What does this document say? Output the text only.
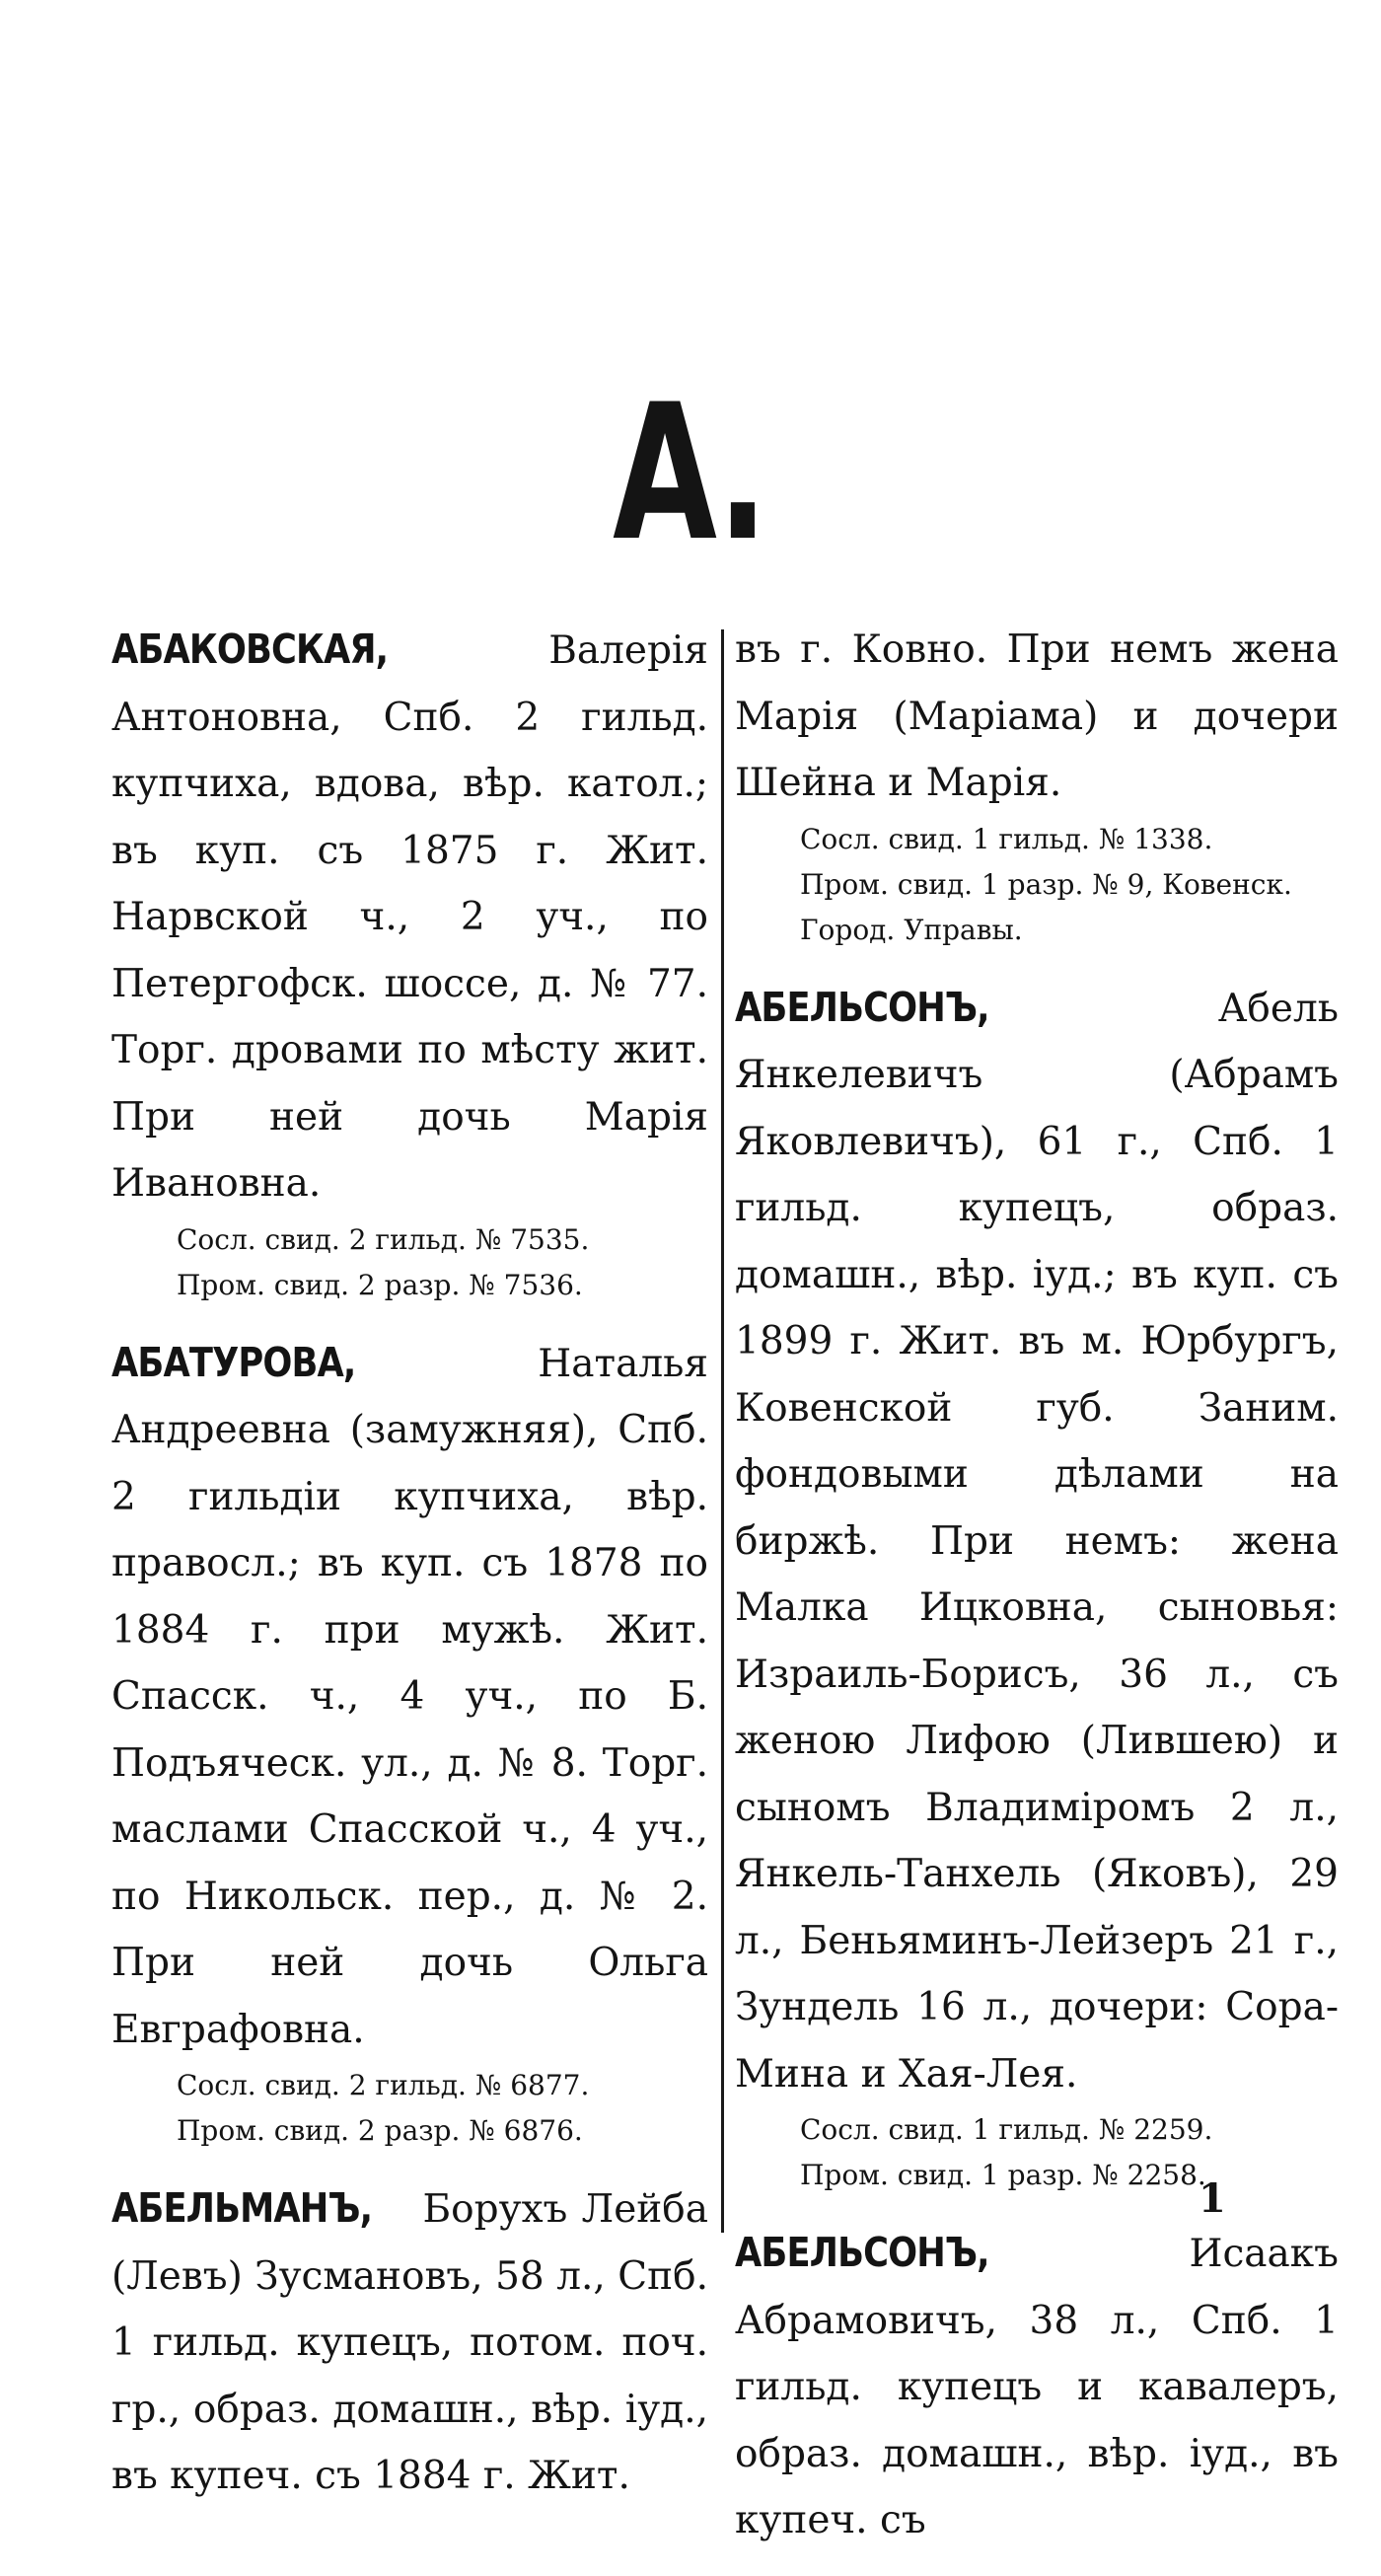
А.

АБАКОВСКАЯ,	Валерія Антоновна, Спб. 2 гильд. купчиха, вдова, вѣр. катол.; въ куп. съ 1875 г. Жит. Нарвской ч., 2 уч., по Петергофск. шоссе, д. № 77. Торг. дровами по мѣсту жит. При ней дочь Марія Ивановна.

Сосл. свид. 2 гильд. № 7535.

Пром. свид. 2 разр. № 7536.

АБАТУРОВА,	Наталья Андреевна (замужняя), Спб. 2 гильдіи купчиха, вѣр. правосл.; въ куп. съ 1878 по 1884 г. при мужѣ. Жит. Спасск. ч., 4 уч., по Б. Подъяческ. ул., д. № 8. Торг. маслами Спасской ч., 4 уч., по Никольск. пер., д. № 2. При ней дочь Ольга Евграфовна.

Сосл. свид. 2 гильд. № 6877.

Пром. свид. 2 разр. № 6876.

АБЕЛЬМАНЪ, Борухъ Лейба (Левъ) Зусмановъ, 58 л., Спб. 1 гильд. купецъ, потом. поч. гр., образ. домашн., вѣр. іуд., въ купеч. съ 1884 г. Жит.

въ г. Ковно. При немъ жена Марія (Маріама) и дочери Шейна и Марія.

Сосл. свид. 1 гильд. № 1338.

Пром. свид. 1 разр. № 9, Ковенск. Город. Управы.

АБЕЛЬСОНЪ,	Абель Янкелевичъ (Абрамъ Яковлевичъ), 61 г., Спб. 1 гильд. купецъ, образ. домашн., вѣр. іуд.; въ куп. съ 1899 г. Жит. въ м. Юрбургъ, Ковенской губ. Заним. фондовыми дѣлами на биржѣ. При немъ: жена Малка Ицковна, сыновья: Израиль-Борисъ, 36 л., съ женою Лифою (Лившею) и сыномъ Владиміромъ 2 л., Янкель-Танхель (Яковъ), 29 л., Беньяминъ-Лейзеръ 21 г., Зундель 16 л., дочери: Сора-Мина и Хая-Лея.

Сосл. свид. 1 гильд. № 2259.

Пром. свид. 1 разр. № 2258.

АБЕЛЬСОНЪ,	Исаакъ Абрамовичъ, 38 л., Спб. 1 гильд. купецъ и кавалеръ, образ. домашн., вѣр. іуд., въ купеч. съ

1
